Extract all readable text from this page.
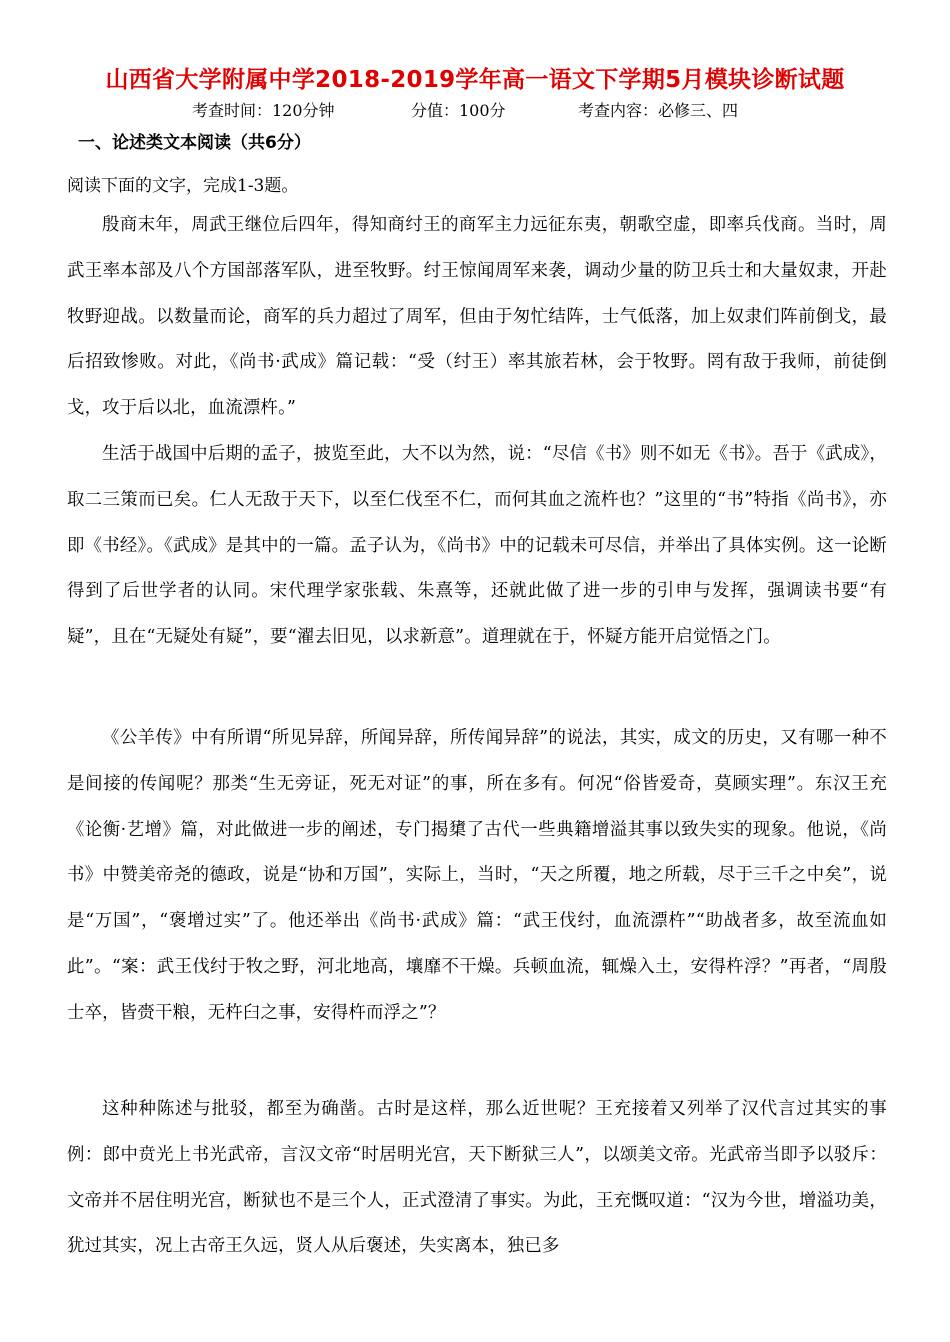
山西省大学附属中学2018-2019学年高一语文下学期5月模块诊断试题
考查时间：120分钟	分值：100分	考查内容：必修三、四
一、论述类文本阅读（共6分）
阅读下面的文字，完成1-3题。

殷商末年，周武王继位后四年，得知商纣王的商军主力远征东夷，朝歌空虚，即率兵伐商。当时，周武王率本部及八个方国部落军队，进至牧野。纣王惊闻周军来袭，调动少量的防卫兵士和大量奴隶，开赴牧野迎战。以数量而论，商军的兵力超过了周军，但由于匆忙结阵，士气低落，加上奴隶们阵前倒戈，最后招致惨败。对此，《尚书·武成》篇记载：“受（纣王）率其旅若林，会于牧野。罔有敌于我师，前徒倒戈，攻于后以北，血流漂杵。”

生活于战国中后期的孟子，披览至此，大不以为然，说：“尽信《书》则不如无《书》。吾于《武成》，取二三策而已矣。仁人无敌于天下，以至仁伐至不仁，而何其血之流杵也？”这里的“书”特指《尚书》，亦即《书经》。《武成》是其中的一篇。孟子认为，《尚书》中的记载未可尽信，并举出了具体实例。这一论断得到了后世学者的认同。宋代理学家张载、朱熹等，还就此做了进一步的引申与发挥，强调读书要“有疑”，且在“无疑处有疑”，要“濯去旧见，以求新意”。道理就在于，怀疑方能开启觉悟之门。

《公羊传》中有所谓“所见异辞，所闻异辞，所传闻异辞”的说法，其实，成文的历史，又有哪一种不是间接的传闻呢？那类“生无旁证，死无对证”的事，所在多有。何况“俗皆爱奇，莫顾实理”。东汉王充《论衡·艺增》篇，对此做进一步的阐述，专门揭橥了古代一些典籍增溢其事以致失实的现象。他说，《尚书》中赞美帝尧的德政，说是“协和万国”，实际上，当时，“天之所覆，地之所载，尽于三千之中矣”，说是“万国”，“褒增过实”了。他还举出《尚书·武成》篇：“武王伐纣，血流漂杵”“助战者多，故至流血如此”。“案：武王伐纣于牧之野，河北地高，壤靡不干燥。兵顿血流，辄燥入土，安得杵浮？”再者，“周殷士卒，皆赍干粮，无杵臼之事，安得杵而浮之”？

这种种陈述与批驳，都至为确凿。古时是这样，那么近世呢？王充接着又列举了汉代言过其实的事例：郎中贲光上书光武帝，言汉文帝“时居明光宫，天下断狱三人”，以颂美文帝。光武帝当即予以驳斥：文帝并不居住明光宫，断狱也不是三个人，正式澄清了事实。为此，王充慨叹道：“汉为今世，增溢功美，犹过其实，况上古帝王久远，贤人从后褒述，失实离本，独已多
